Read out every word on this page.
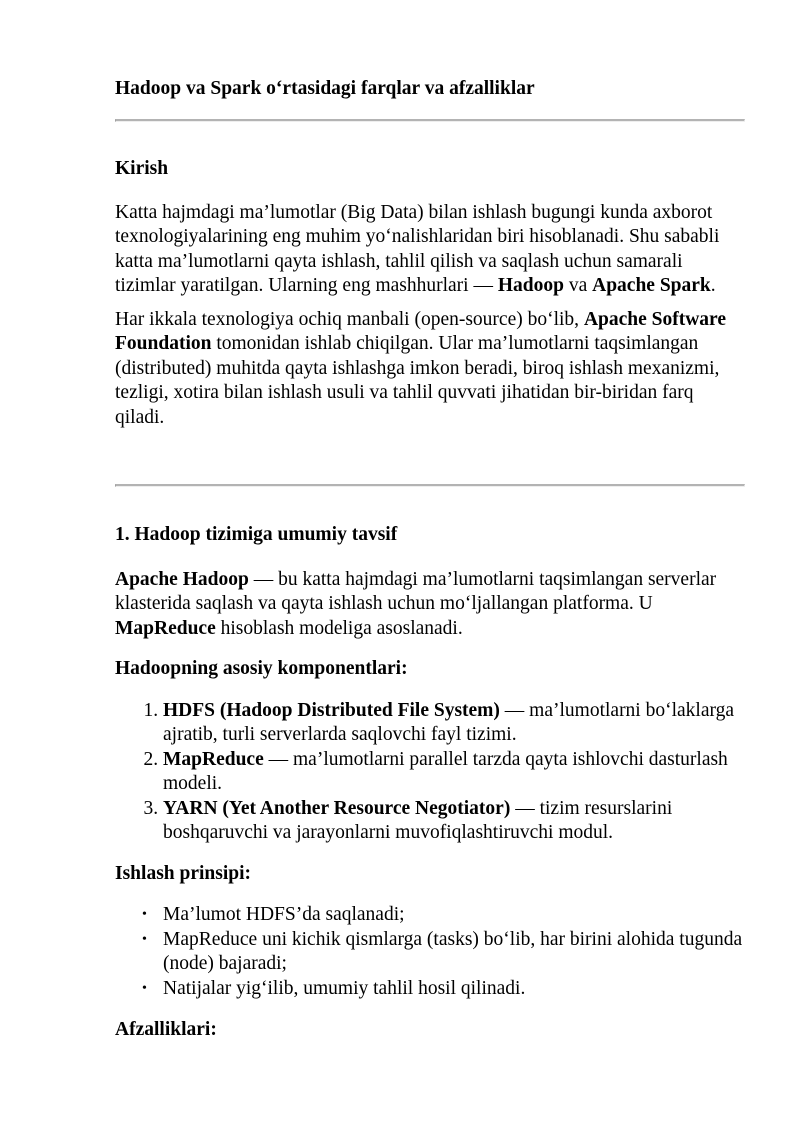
Hadoop va Spark o‘rtasidagi farqlar va afzalliklar
Kirish

Katta hajmdagi ma’lumotlar (Big Data) bilan ishlash bugungi kunda axborot texnologiyalarining eng muhim yo‘nalishlaridan biri hisoblanadi. Shu sababli katta ma’lumotlarni qayta ishlash, tahlil qilish va saqlash uchun samarali tizimlar yaratilgan. Ularning eng mashhurlari — Hadoop va Apache Spark.

Har ikkala texnologiya ochiq manbali (open-source) bo‘lib, Apache Software Foundation tomonidan ishlab chiqilgan. Ular ma’lumotlarni taqsimlangan (distributed) muhitda qayta ishlashga imkon beradi, biroq ishlash mexanizmi, tezligi, xotira bilan ishlash usuli va tahlil quvvati jihatidan bir-biridan farq qiladi.

1. Hadoop tizimiga umumiy tavsif

Apache Hadoop — bu katta hajmdagi ma’lumotlarni taqsimlangan serverlar klasterida saqlash va qayta ishlash uchun mo‘ljallangan platforma. U MapReduce hisoblash modeliga asoslanadi.

Hadoopning asosiy komponentlari:
1. HDFS (Hadoop Distributed File System) — ma’lumotlarni bo‘laklarga ajratib, turli serverlarda saqlovchi fayl tizimi.
2. MapReduce — ma’lumotlarni parallel tarzda qayta ishlovchi dasturlash modeli.
3. YARN (Yet Another Resource Negotiator) — tizim resurslarini boshqaruvchi va jarayonlarni muvofiqlashtiruvchi modul.
Ishlash prinsipi:
• Ma’lumot HDFS’da saqlanadi;
• MapReduce uni kichik qismlarga (tasks) bo‘lib, har birini alohida tugunda (node) bajaradi;
• Natijalar yig‘ilib, umumiy tahlil hosil qilinadi.
Afzalliklari:
